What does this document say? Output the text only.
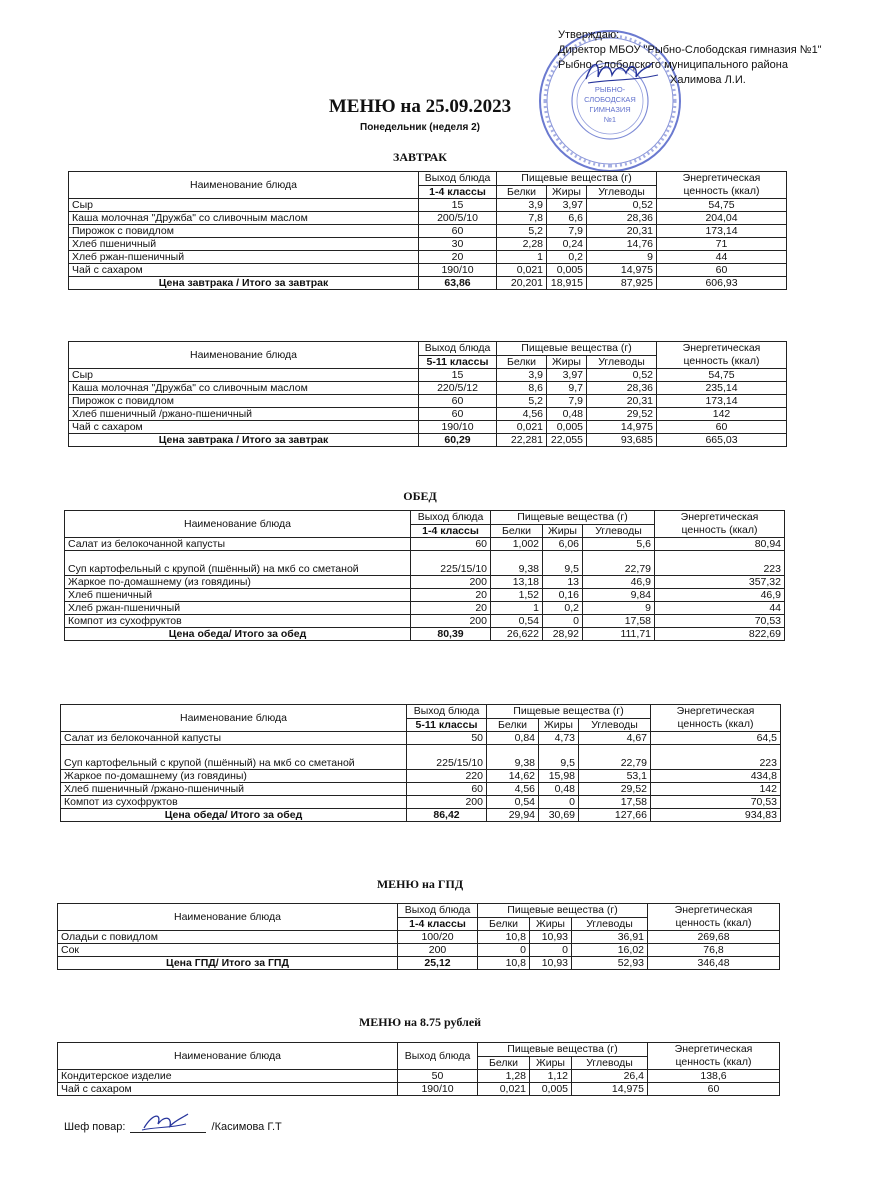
РЫБНО-
СЛОБОДСКАЯ
ГИМНАЗИЯ
№1
Утверждаю:
Директор МБОУ "Рыбно-Слободская гимназия №1"
Рыбно-Слободского муниципального района
Халимова Л.И.
МЕНЮ на 25.09.2023
Понедельник (неделя 2)
ЗАВТРАК
Наименование блюда	Выход блюда	Пищевые вещества (г)			Энергетическая ценность (ккал)
	1-4 классы	Белки	Жиры	Углеводы	
Сыр	15	3,9	3,97	0,52	54,75
Каша молочная "Дружба" со сливочным маслом	200/5/10	7,8	6,6	28,36	204,04
Пирожок с повидлом	60	5,2	7,9	20,31	173,14
Хлеб пшеничный	30	2,28	0,24	14,76	71
Хлеб ржан-пшеничный	20	1	0,2	9	44
Чай с сахаром	190/10	0,021	0,005	14,975	60
Цена завтрака / Итого за завтрак	63,86	20,201	18,915	87,925	606,93
Наименование блюда	Выход блюда	Пищевые вещества (г)			Энергетическая ценность (ккал)
	5-11 классы	Белки	Жиры	Углеводы	
Сыр	15	3,9	3,97	0,52	54,75
Каша молочная "Дружба" со сливочным маслом	220/5/12	8,6	9,7	28,36	235,14
Пирожок с повидлом	60	5,2	7,9	20,31	173,14
Хлеб пшеничный /ржано-пшеничный	60	4,56	0,48	29,52	142
Чай с сахаром	190/10	0,021	0,005	14,975	60
Цена завтрака / Итого за завтрак	60,29	22,281	22,055	93,685	665,03
ОБЕД
Наименование блюда	Выход блюда	Пищевые вещества (г)			Энергетическая ценность (ккал)
	1-4 классы	Белки	Жиры	Углеводы	
Салат из белокочанной капусты	60	1,002	6,06	5,6	80,94
Суп картофельный с крупой (пшённый) на мкб со сметаной	225/15/10	9,38	9,5	22,79	223
Жаркое по-домашнему (из говядины)	200	13,18	13	46,9	357,32
Хлеб пшеничный	20	1,52	0,16	9,84	46,9
Хлеб ржан-пшеничный	20	1	0,2	9	44
Компот из сухофруктов	200	0,54	0	17,58	70,53
Цена обеда/ Итого за обед	80,39	26,622	28,92	111,71	822,69
Наименование блюда	Выход блюда	Пищевые вещества (г)			Энергетическая ценность (ккал)
	5-11 классы	Белки	Жиры	Углеводы	
Салат из белокочанной капусты	50	0,84	4,73	4,67	64,5
Суп картофельный с крупой (пшённый) на мкб со сметаной	225/15/10	9,38	9,5	22,79	223
Жаркое по-домашнему (из говядины)	220	14,62	15,98	53,1	434,8
Хлеб пшеничный /ржано-пшеничный	60	4,56	0,48	29,52	142
Компот из сухофруктов	200	0,54	0	17,58	70,53
Цена обеда/ Итого за обед	86,42	29,94	30,69	127,66	934,83
МЕНЮ на ГПД
Наименование блюда	Выход блюда	Пищевые вещества (г)			Энергетическая ценность (ккал)
	1-4 классы	Белки	Жиры	Углеводы	
Оладьи с повидлом	100/20	10,8	10,93	36,91	269,68
Сок	200	0	0	16,02	76,8
Цена ГПД/ Итого за ГПД	25,12	10,8	10,93	52,93	346,48
МЕНЮ на 8.75 рублей
Наименование блюда	Выход блюда	Пищевые вещества (г)			Энергетическая ценность (ккал)
		Белки	Жиры	Углеводы	
Кондитерское изделие	50	1,28	1,12	26,4	138,6
Чай с сахаром	190/10	0,021	0,005	14,975	60
Шеф повар:	/Касимова Г.Т
